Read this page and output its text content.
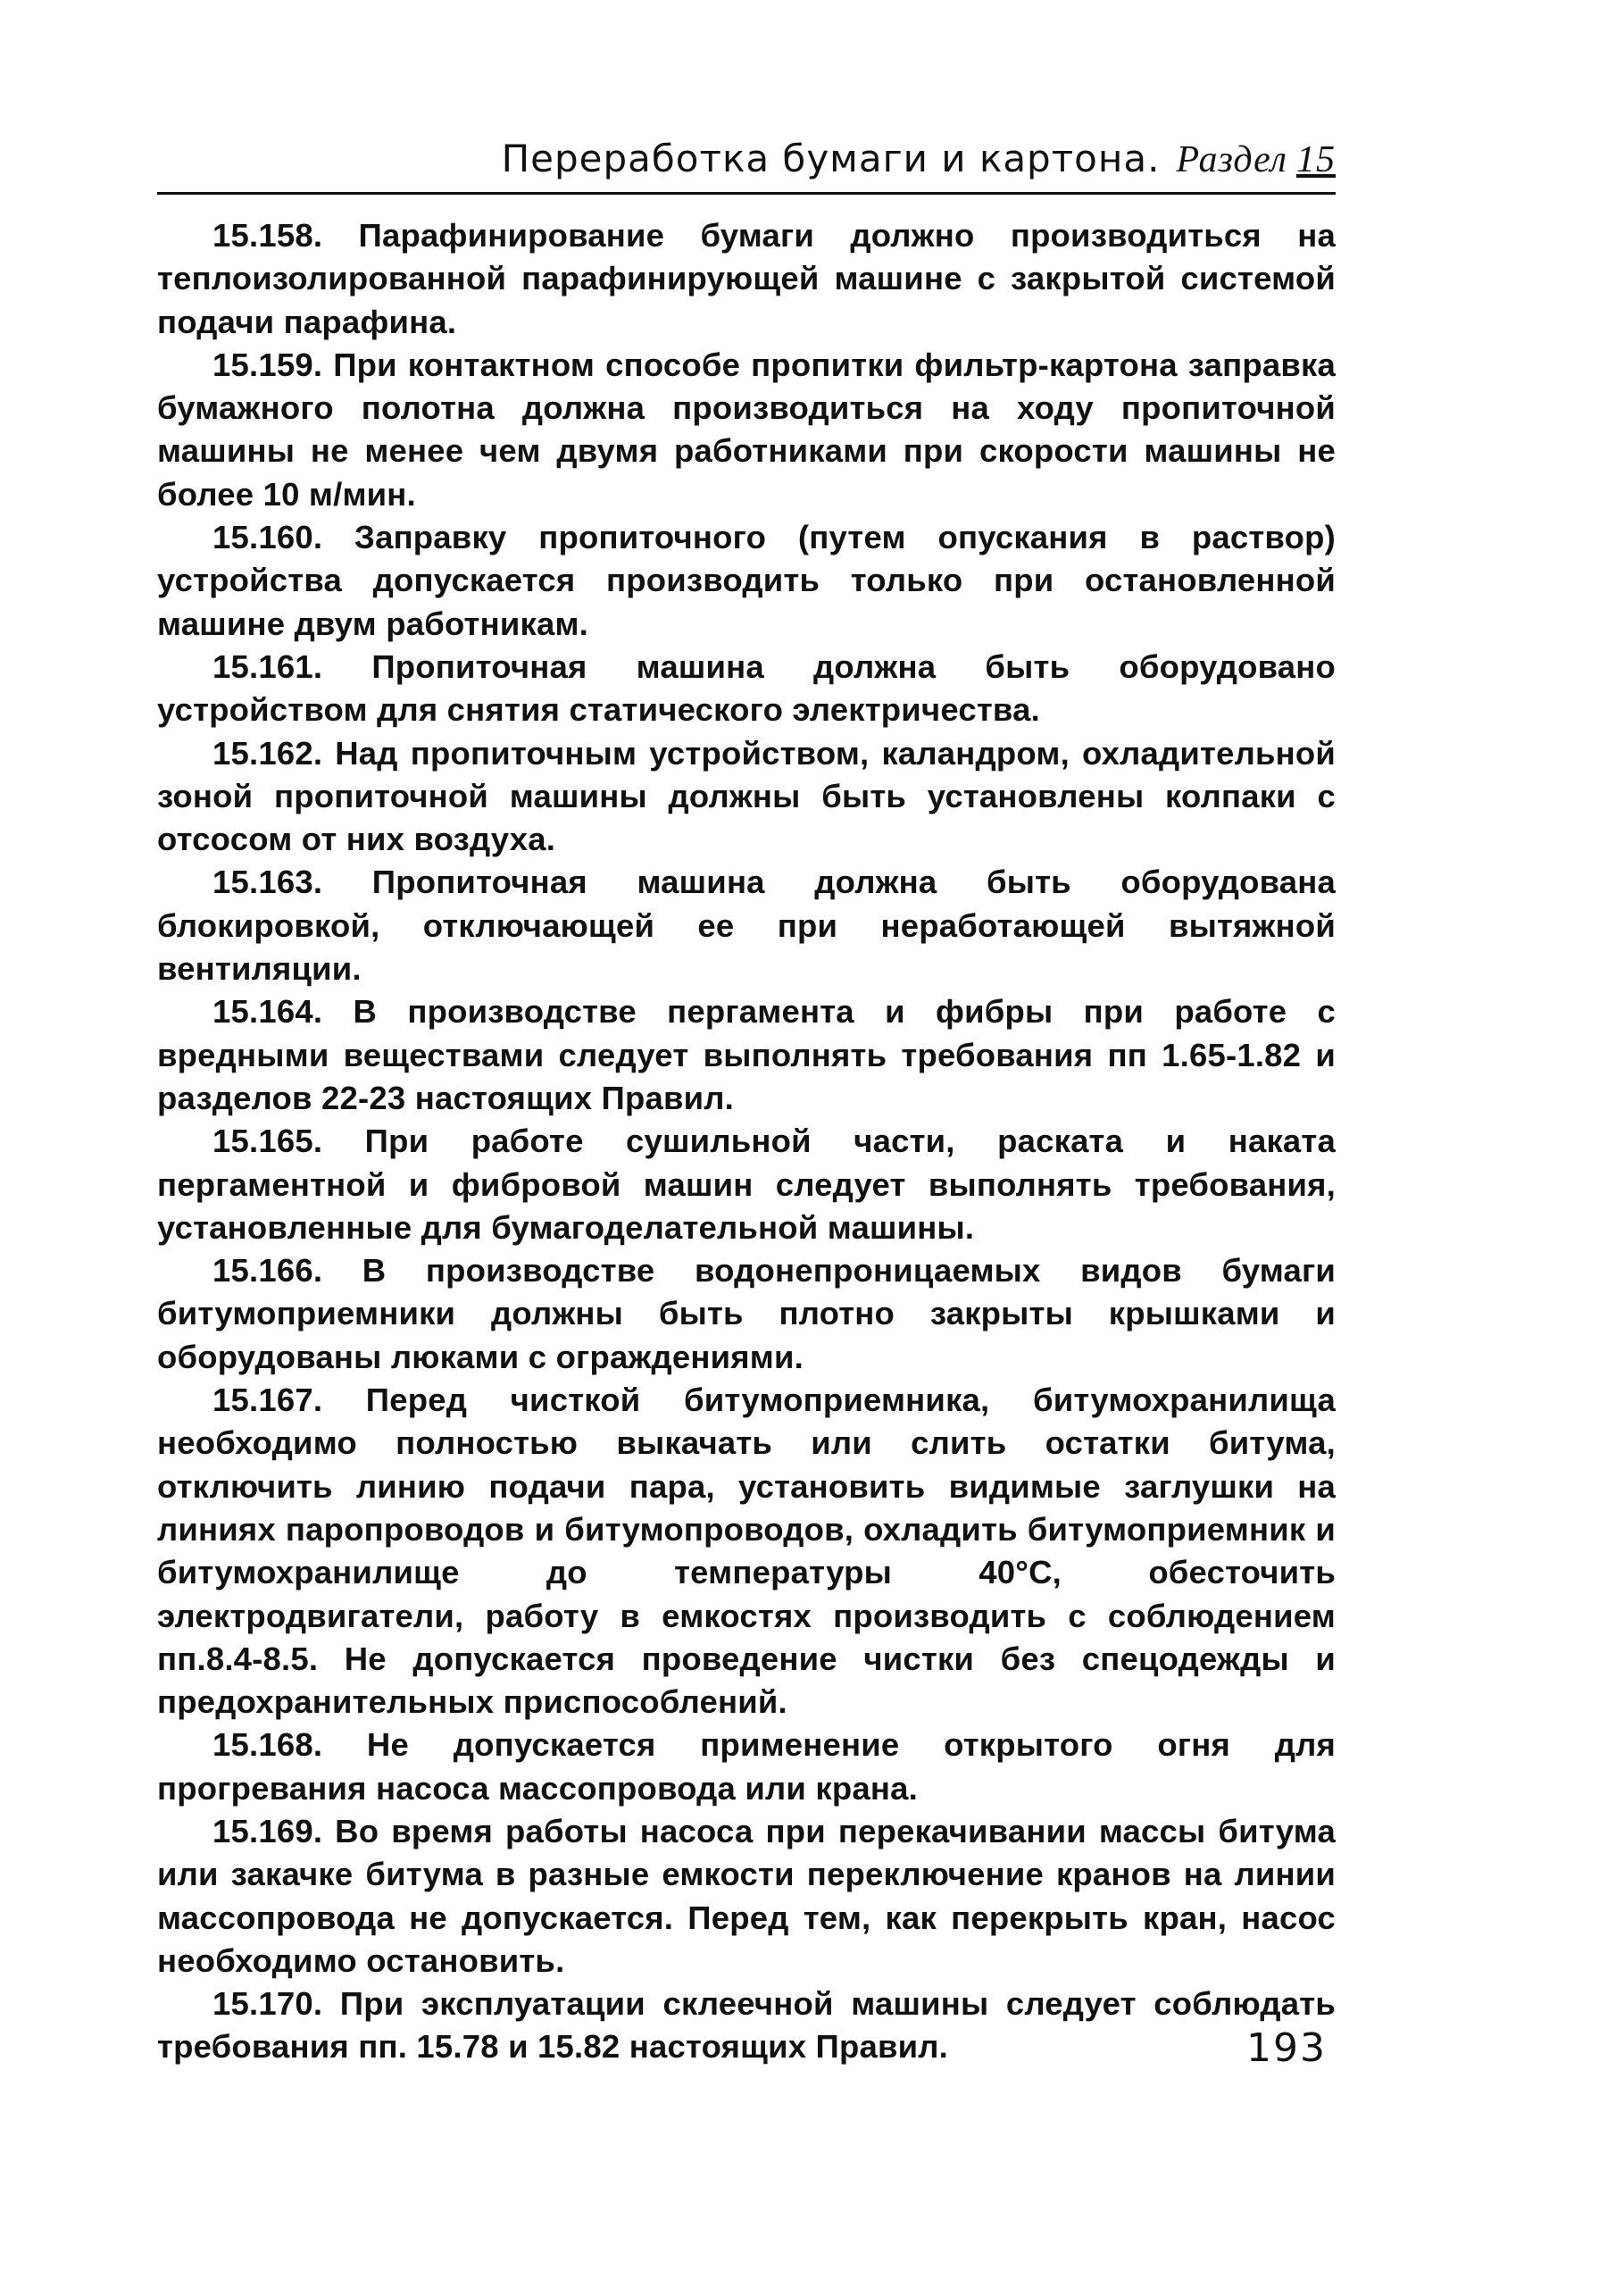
Переработка бумаги и картона. Раздел 15

15.158. Парафинирование бумаги должно производиться на теплоизолированной парафинирующей машине с закрытой системой подачи парафина.

15.159. При контактном способе пропитки фильтр-картона заправка бумажного полотна должна производиться на ходу пропиточной машины не менее чем двумя работниками при скорости машины не более 10 м/мин.

15.160. Заправку пропиточного (путем опускания в раствор) устройства допускается производить только при остановленной машине двум работникам.

15.161. Пропиточная машина должна быть оборудовано устройством для снятия статического электричества.

15.162. Над пропиточным устройством, каландром, охладительной зоной пропиточной машины должны быть установлены колпаки с отсосом от них воздуха.

15.163. Пропиточная машина должна быть оборудована блокировкой, отключающей ее при неработающей вытяжной вентиляции.

15.164. В производстве пергамента и фибры при работе с вредными веществами следует выполнять требования пп 1.65-1.82 и разделов 22-23 настоящих Правил.

15.165. При работе сушильной части, раската и наката пергаментной и фибровой машин следует выполнять требования, установленные для бумагоделательной машины.

15.166. В производстве водонепроницаемых видов бумаги битумоприемники должны быть плотно закрыты крышками и оборудованы люками с ограждениями.

15.167. Перед чисткой битумоприемника, битумохранилища необходимо полностью выкачать или слить остатки битума, отключить линию подачи пара, установить видимые заглушки на линиях паропроводов и битумопроводов, охладить битумоприемник и битумохранилище до температуры 40°С, обесточить электродвигатели, работу в емкостях производить с соблюдением пп.8.4-8.5. Не допускается проведение чистки без спецодежды и предохранительных приспособлений.

15.168. Не допускается применение открытого огня для прогревания насоса массопровода или крана.

15.169. Во время работы насоса при перекачивании массы битума или закачке битума в разные емкости переключение кранов на линии массопровода не допускается. Перед тем, как перекрыть кран, насос необходимо остановить.

15.170. При эксплуатации склеечной машины следует соблюдать требования пп. 15.78 и 15.82 настоящих Правил.	193
